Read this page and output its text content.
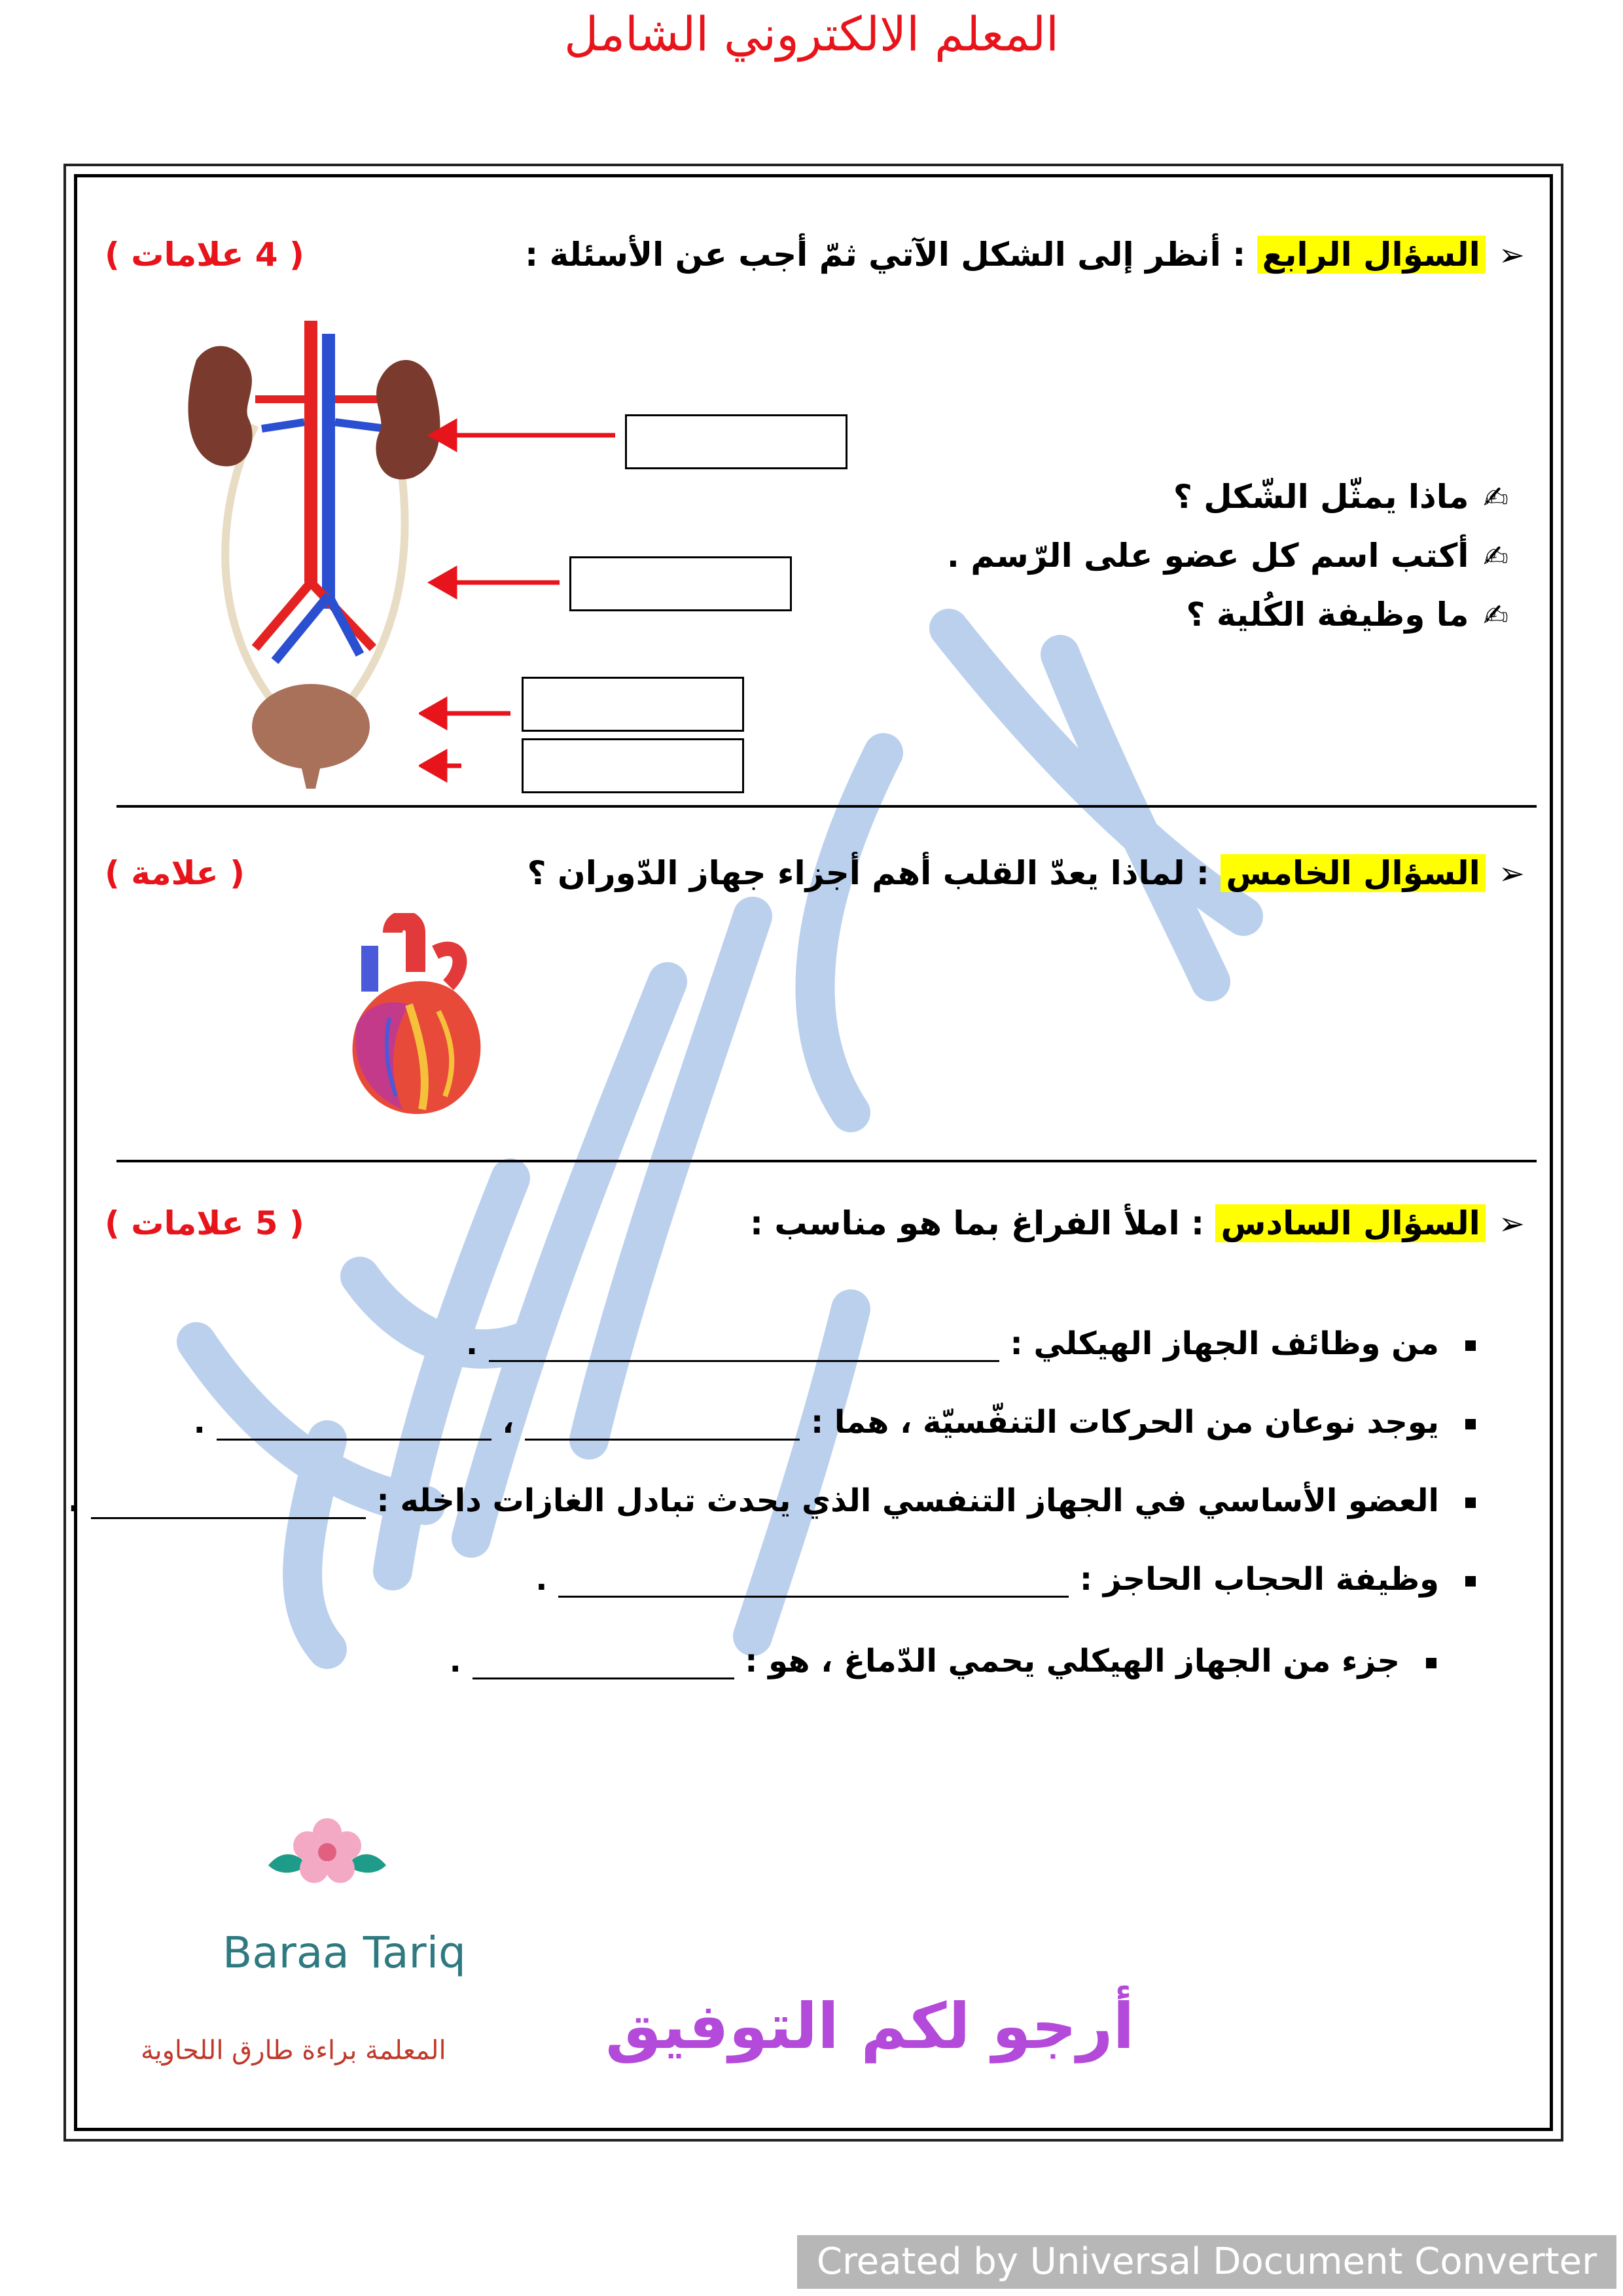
المعلم الالكتروني الشامل
➢السؤال الرابع : أنظر إلى الشكل الآتي ثمّ أجب عن الأسئلة :
( 4 علامات )
✍ماذا يمثّل الشّكل ؟
✍أكتب اسم كل عضو على الرّسم .
✍ما وظيفة الكُلية ؟
➢السؤال الخامس : لماذا يعدّ القلب أهم أجزاء جهاز الدّوران ؟
( علامة )
➢السؤال السادس : املأ الفراغ بما هو مناسب :
( 5 علامات )
من وظائف الجهاز الهيكلي :  .
يوجد نوعان من الحركات التنفّسيّة ، هما :  ،  .
العضو الأساسي في الجهاز التنفسي الذي يحدث تبادل الغازات داخله :  .
وظيفة الحجاب الحاجز :  .
جزء من الجهاز الهيكلي يحمي الدّماغ ، هو :  .
Baraa Tariq
المعلمة براءة طارق اللحاوية	أرجو لكم التوفيق
Created by Universal Document Converter
